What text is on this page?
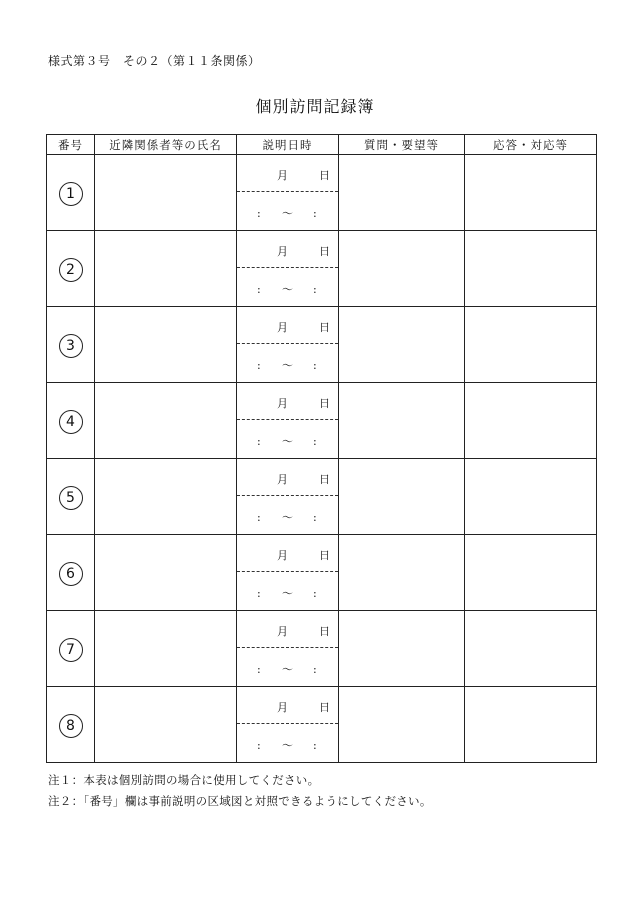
様式第３号　その２（第１１条関係）
個別訪問記録簿
番号	近隣関係者等の氏名	説明日時	質問・要望等	応答・対応等
1		月 日
: 〜 :		

2		月 日
: 〜 :		

3		月 日
: 〜 :		

4		月 日
: 〜 :		

5		月 日
: 〜 :		

6		月 日
: 〜 :		

7		月 日
: 〜 :		

8		月 日
: 〜 :		

注１：本表は個別訪問の場合に使用してください。
注２：「番号」欄は事前説明の区域図と対照できるようにしてください。
